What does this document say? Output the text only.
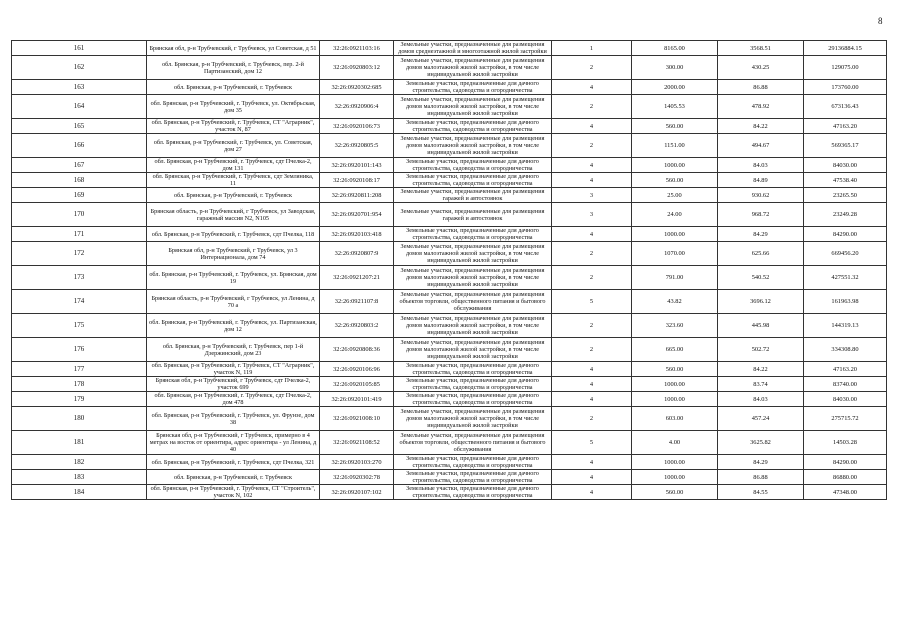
8
161	Брянская обл, р-н Трубчевский, г Трубчевск, ул Советская, д 51	32:26:0921103:16	Земельные участки, предназначенные для размещения домов среднеэтажной и многоэтажной жилой застройки	1	8165.00	3568.51	29136884.15
162	обл. Брянская, р-н Трубчевский, г. Трубчевск, пер. 2-й Партизанский, дом 12	32:26:0920803:12	Земельные участки, предназначенные для размещения домов малоэтажной жилой застройки, в том числе индивидуальной жилой застройки	2	300.00	430.25	129075.00
163	обл. Брянская, р-н Трубчевский, г. Трубчевск	32:26:0920302:685	Земельные участки, предназначенные для дачного строительства, садоводства и огородничества	4	2000.00	86.88	173760.00
164	обл. Брянская, р-н Трубчевский, г. Трубчевск, ул. Октябрьская, дом 35	32:26:0920906:4	Земельные участки, предназначенные для размещения домов малоэтажной жилой застройки, в том числе индивидуальной жилой застройки	2	1405.53	478.92	673136.43
165	обл. Брянская, р-н Трубчевский, г. Трубчевск, СТ "Аграрник", участок N, 87	32:26:0920106:73	Земельные участки, предназначенные для дачного строительства, садоводства и огородничества	4	560.00	84.22	47163.20
166	обл. Брянская, р-н Трубчевский, г. Трубчевск, ул. Советская, дом 27	32:26:0920805:5	Земельные участки, предназначенные для размещения домов малоэтажной жилой застройки, в том числе индивидуальной жилой застройки	2	1151.00	494.67	569365.17
167	обл. Брянская, р-н Трубчевский, г. Трубчевск, сдт Пчелка-2, дом 131	32:26:0920101:143	Земельные участки, предназначенные для дачного строительства, садоводства и огородничества	4	1000.00	84.03	84030.00
168	обл. Брянская, р-н Трубчевский, г. Трубчевск, сдт Земляника, 11	32:26:0920108:17	Земельные участки, предназначенные для дачного строительства, садоводства и огородничества	4	560.00	84.89	47538.40
169	обл. Брянская, р-н Трубчевский, г. Трубчевск	32:26:0920811:208	Земельные участки, предназначенные для размещения гаражей и автостоянок	3	25.00	930.62	23265.50
170	Брянская область, р-н Трубчевский, г Трубчевск, ул Заводская, гаражный массив N2, N105	32:26:0920701:954	Земельные участки, предназначенные для размещения гаражей и автостоянок	3	24.00	968.72	23249.28
171	обл. Брянская, р-н Трубчевский, г. Трубчевск, сдт Пчелка, 118	32:26:0920103:418	Земельные участки, предназначенные для дачного строительства, садоводства и огородничества	4	1000.00	84.29	84290.00
172	Брянская обл, р-н Трубчевский, г Трубчевск, ул 3 Интернационала, дом 74	32:26:0920807:9	Земельные участки, предназначенные для размещения домов малоэтажной жилой застройки, в том числе индивидуальной жилой застройки	2	1070.00	625.66	669456.20
173	обл. Брянская, р-н Трубчевский, г. Трубчевск, ул. Брянская, дом 19	32:26:0921207:21	Земельные участки, предназначенные для размещения домов малоэтажной жилой застройки, в том числе индивидуальной жилой застройки	2	791.00	540.52	427551.32
174	Брянская область, р-н Трубчевский, г Трубчевск, ул Ленина, д 70 а	32:26:0921107:8	Земельные участки, предназначенные для размещения объектов торговли, общественного питания и бытового обслуживания	5	43.82	3696.12	161963.98
175	обл. Брянская, р-н Трубчевский, г. Трубчевск, ул. Партизанская, дом 12	32:26:0920803:2	Земельные участки, предназначенные для размещения домов малоэтажной жилой застройки, в том числе индивидуальной жилой застройки	2	323.60	445.98	144319.13
176	обл. Брянская, р-н Трубчевский, г. Трубчевск, пер 1-й Дзержинский, дом 23	32:26:0920808:36	Земельные участки, предназначенные для размещения домов малоэтажной жилой застройки, в том числе индивидуальной жилой застройки	2	665.00	502.72	334308.80
177	обл. Брянская, р-н Трубчевский, г. Трубчевск, СТ "Аграрник", участок N, 119	32:26:0920106:96	Земельные участки, предназначенные для дачного строительства, садоводства и огородничества	4	560.00	84.22	47163.20
178	Брянская обл, р-н Трубчевский, г Трубчевск, сдт Пчелка-2, участок 699	32:26:0920105:85	Земельные участки, предназначенные для дачного строительства, садоводства и огородничества	4	1000.00	83.74	83740.00
179	обл. Брянская, р-н Трубчевский, г. Трубчевск, сдт Пчелка-2, дом 478	32:26:0920101:419	Земельные участки, предназначенные для дачного строительства, садоводства и огородничества	4	1000.00	84.03	84030.00
180	обл. Брянская, р-н Трубчевский, г. Трубчевск, ул. Фрунзе, дом 38	32:26:0921008:10	Земельные участки, предназначенные для размещения домов малоэтажной жилой застройки, в том числе индивидуальной жилой застройки	2	603.00	457.24	275715.72
181	Брянская обл, р-н Трубчевский, г Трубчевск, примерно в 4 метрах на восток от ориентира, адрес ориентира - ул Ленина, д 40	32:26:0921108:52	Земельные участки, предназначенные для размещения объектов торговли, общественного питания и бытового обслуживания	5	4.00	3625.82	14503.28
182	обл. Брянская, р-н Трубчевский, г. Трубчевск, сдт Пчелка, 321	32:26:0920103:270	Земельные участки, предназначенные для дачного строительства, садоводства и огородничества	4	1000.00	84.29	84290.00
183	обл. Брянская, р-н Трубчевский, г. Трубчевск	32:26:0920302:78	Земельные участки, предназначенные для дачного строительства, садоводства и огородничества	4	1000.00	86.88	86880.00
184	обл. Брянская, р-н Трубчевский, г. Трубчевск, СТ "Строитель", участок N, 102	32:26:0920107:102	Земельные участки, предназначенные для дачного строительства, садоводства и огородничества	4	560.00	84.55	47348.00
